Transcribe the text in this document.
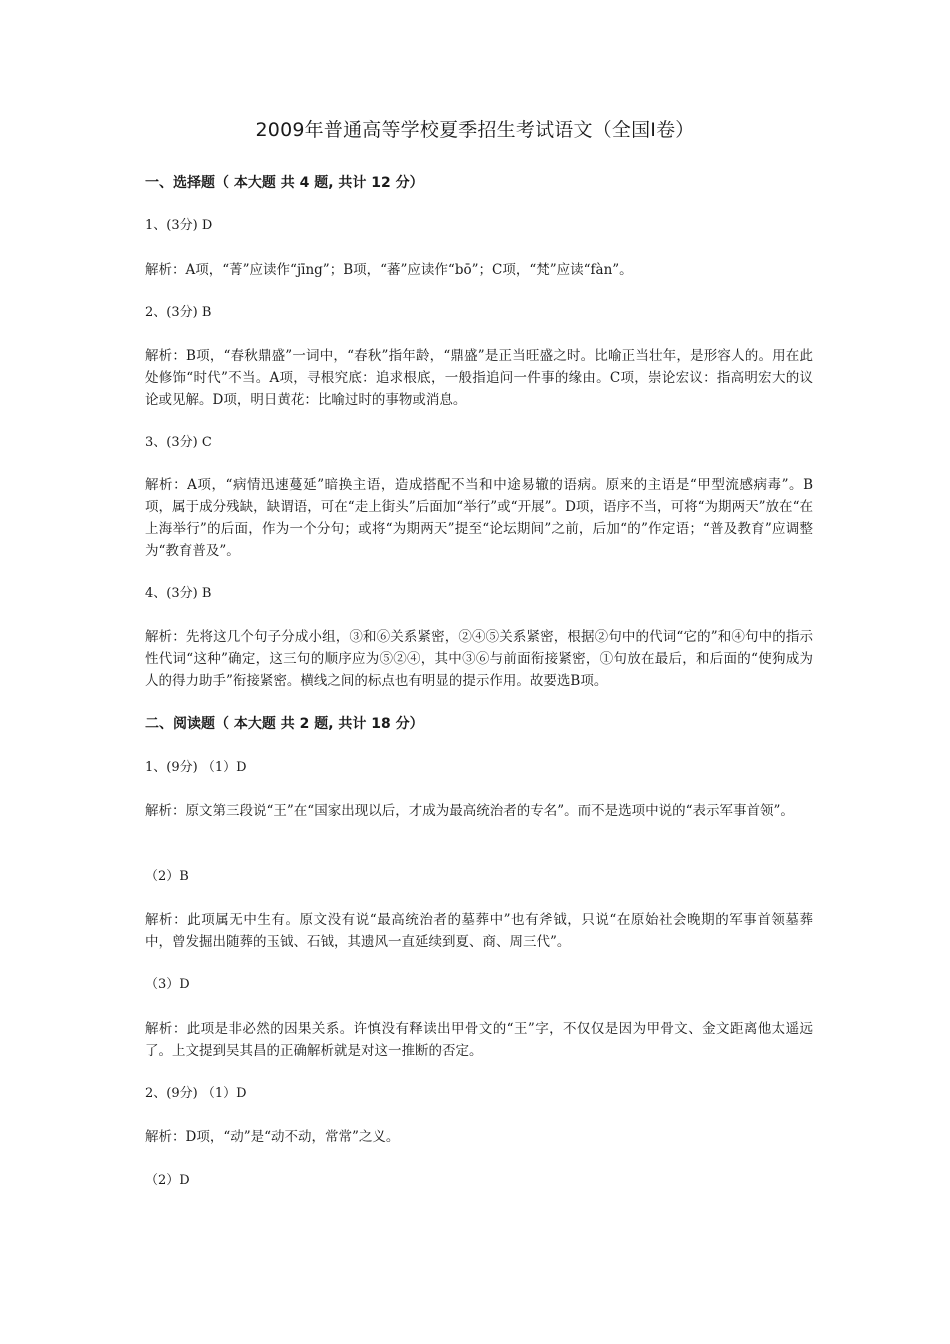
2009年普通高等学校夏季招生考试语文（全国Ⅰ卷）
一、选择题（ 本大题 共 4 题, 共计 12 分）
1、(3分) D
解析：A项，“菁”应读作“jīng”；B项，“蕃”应读作“bō”；C项，“梵”应读“fàn”。
2、(3分) B
解析：B项，“春秋鼎盛”一词中，“春秋”指年龄，“鼎盛”是正当旺盛之时。比喻正当壮年，是形容人的。用在此处修饰“时代”不当。A项，寻根究底：追求根底，一般指追问一件事的缘由。C项，崇论宏议：指高明宏大的议论或见解。D项，明日黄花：比喻过时的事物或消息。
3、(3分) C
解析：A项，“病情迅速蔓延”暗换主语，造成搭配不当和中途易辙的语病。原来的主语是“甲型流感病毒”。B项，属于成分残缺，缺谓语，可在“走上街头”后面加“举行”或“开展”。D项，语序不当，可将“为期两天”放在“在上海举行”的后面，作为一个分句；或将“为期两天”提至“论坛期间”之前，后加“的”作定语；“普及教育”应调整为“教育普及”。
4、(3分) B
解析：先将这几个句子分成小组，③和⑥关系紧密，②④⑤关系紧密，根据②句中的代词“它的”和④句中的指示性代词“这种”确定，这三句的顺序应为⑤②④，其中③⑥与前面衔接紧密，①句放在最后，和后面的“使狗成为人的得力助手”衔接紧密。横线之间的标点也有明显的提示作用。故要选B项。
二、阅读题（ 本大题 共 2 题, 共计 18 分）
1、(9分) （1）D
解析：原文第三段说“王”在“国家出现以后，才成为最高统治者的专名”。而不是选项中说的“表示军事首领”。
（2）B
解析：此项属无中生有。原文没有说“最高统治者的墓葬中”也有斧钺，只说“在原始社会晚期的军事首领墓葬中，曾发掘出随葬的玉钺、石钺，其遗风一直延续到夏、商、周三代”。
（3）D
解析：此项是非必然的因果关系。许慎没有释读出甲骨文的“王”字，不仅仅是因为甲骨文、金文距离他太遥远了。上文提到吴其昌的正确解析就是对这一推断的否定。
2、(9分) （1）D
解析：D项，“动”是“动不动，常常”之义。
（2）D
